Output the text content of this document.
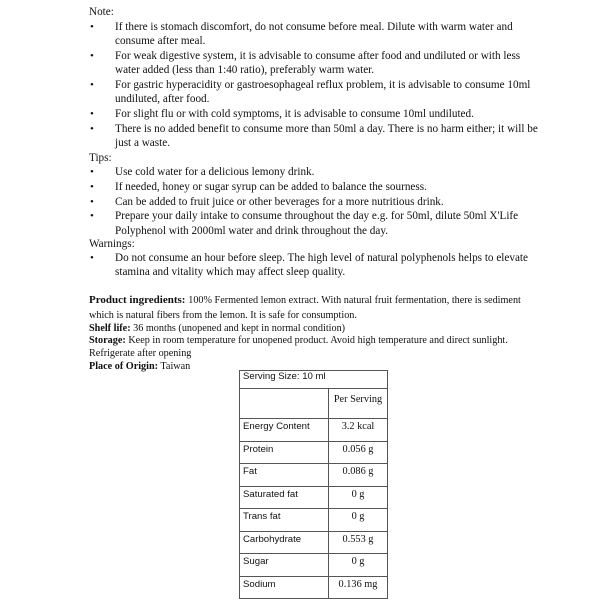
Note:
• If there is stomach discomfort, do not consume before meal. Dilute with warm water and consume after meal.
• For weak digestive system, it is advisable to consume after food and undiluted or with less water added (less than 1:40 ratio), preferably warm water.
• For gastric hyperacidity or gastroesophageal reflux problem, it is advisable to consume 10ml undiluted, after food.
• For slight flu or with cold symptoms, it is advisable to consume 10ml undiluted.
• There is no added benefit to consume more than 50ml a day. There is no harm either; it will be just a waste.
Tips:
• Use cold water for a delicious lemony drink.
• If needed, honey or sugar syrup can be added to balance the sourness.
• Can be added to fruit juice or other beverages for a more nutritious drink.
• Prepare your daily intake to consume throughout the day e.g. for 50ml, dilute 50ml X'Life Polyphenol with 2000ml water and drink throughout the day.
Warnings:
• Do not consume an hour before sleep. The high level of natural polyphenols helps to elevate stamina and vitality which may affect sleep quality.

Product ingredients: 100% Fermented lemon extract. With natural fruit fermentation, there is sediment which is natural fibers from the lemon. It is safe for consumption.

Shelf life: 36 months (unopened and kept in normal condition)

Storage: Keep in room temperature for unopened product. Avoid high temperature and direct sunlight. Refrigerate after opening

Place of Origin: Taiwan

Serving Size: 10 ml	
	Per Serving
Energy Content	3.2 kcal
Protein	0.056 g
Fat	0.086 g
Saturated fat	0 g
Trans fat	0 g
Carbohydrate	0.553 g
Sugar	0 g
Sodium	0.136 mg
